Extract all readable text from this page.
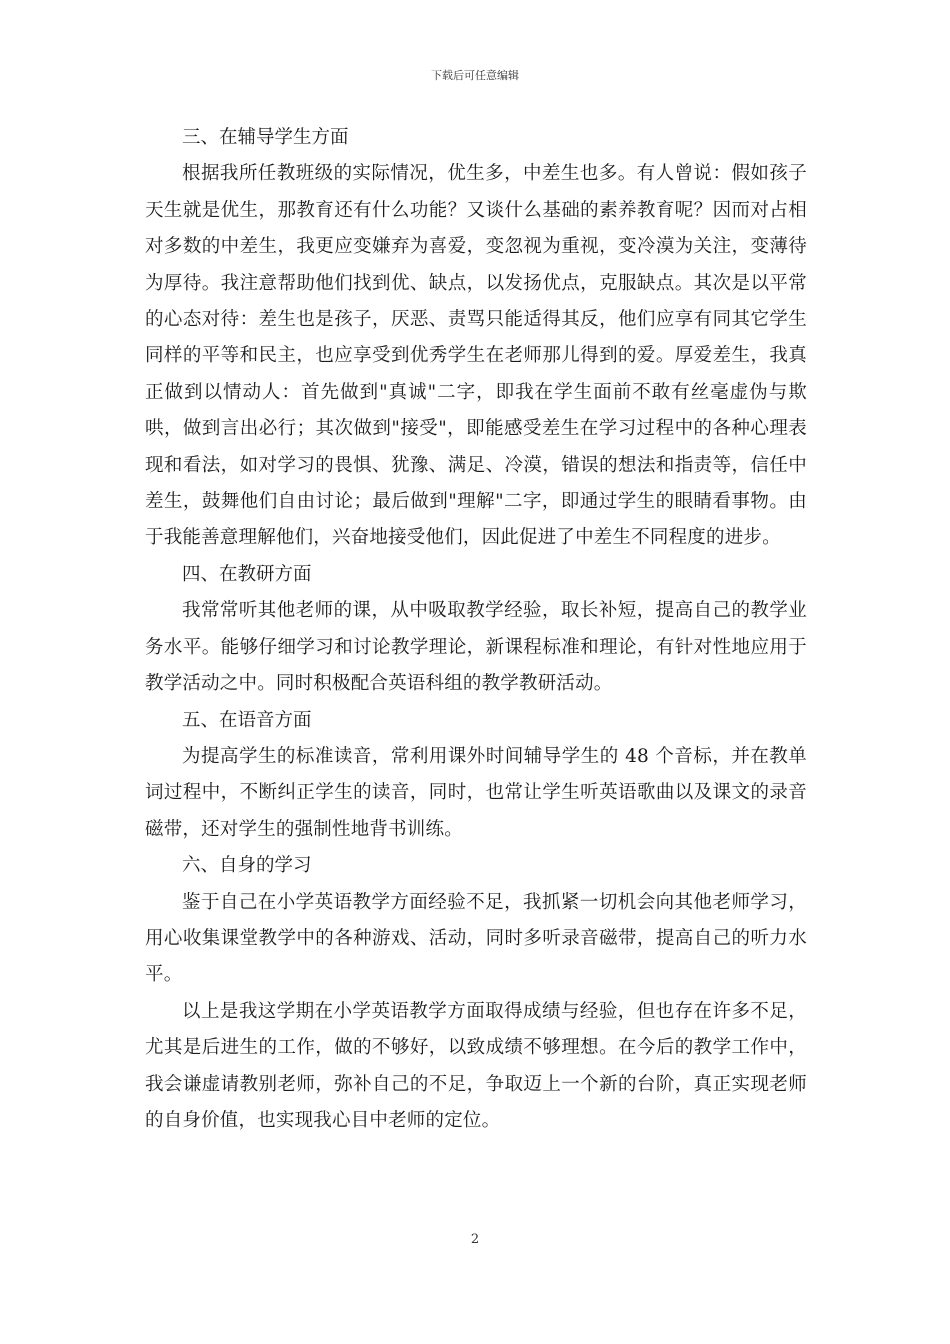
下载后可任意编辑

三、在辅导学生方面

根据我所任教班级的实际情况，优生多，中差生也多。有人曾说：假如孩子天生就是优生，那教育还有什么功能？又谈什么基础的素养教育呢？因而对占相对多数的中差生，我更应变嫌弃为喜爱，变忽视为重视，变冷漠为关注，变薄待为厚待。我注意帮助他们找到优、缺点，以发扬优点，克服缺点。其次是以平常的心态对待：差生也是孩子，厌恶、责骂只能适得其反，他们应享有同其它学生同样的平等和民主，也应享受到优秀学生在老师那儿得到的爱。厚爱差生，我真正做到以情动人：首先做到"真诚"二字，即我在学生面前不敢有丝毫虚伪与欺哄，做到言出必行；其次做到"接受"，即能感受差生在学习过程中的各种心理表现和看法，如对学习的畏惧、犹豫、满足、冷漠，错误的想法和指责等，信任中差生，鼓舞他们自由讨论；最后做到"理解"二字，即通过学生的眼睛看事物。由于我能善意理解他们，兴奋地接受他们，因此促进了中差生不同程度的进步。

四、在教研方面

我常常听其他老师的课，从中吸取教学经验，取长补短，提高自己的教学业务水平。能够仔细学习和讨论教学理论，新课程标准和理论，有针对性地应用于教学活动之中。同时积极配合英语科组的教学教研活动。

五、在语音方面

为提高学生的标准读音，常利用课外时间辅导学生的 48 个音标，并在教单词过程中，不断纠正学生的读音，同时，也常让学生听英语歌曲以及课文的录音磁带，还对学生的强制性地背书训练。

六、自身的学习

鉴于自己在小学英语教学方面经验不足，我抓紧一切机会向其他老师学习，用心收集课堂教学中的各种游戏、活动，同时多听录音磁带，提高自己的听力水平。

以上是我这学期在小学英语教学方面取得成绩与经验，但也存在许多不足，尤其是后进生的工作，做的不够好，以致成绩不够理想。在今后的教学工作中，我会谦虚请教别老师，弥补自己的不足，争取迈上一个新的台阶，真正实现老师的自身价值，也实现我心目中老师的定位。

2
